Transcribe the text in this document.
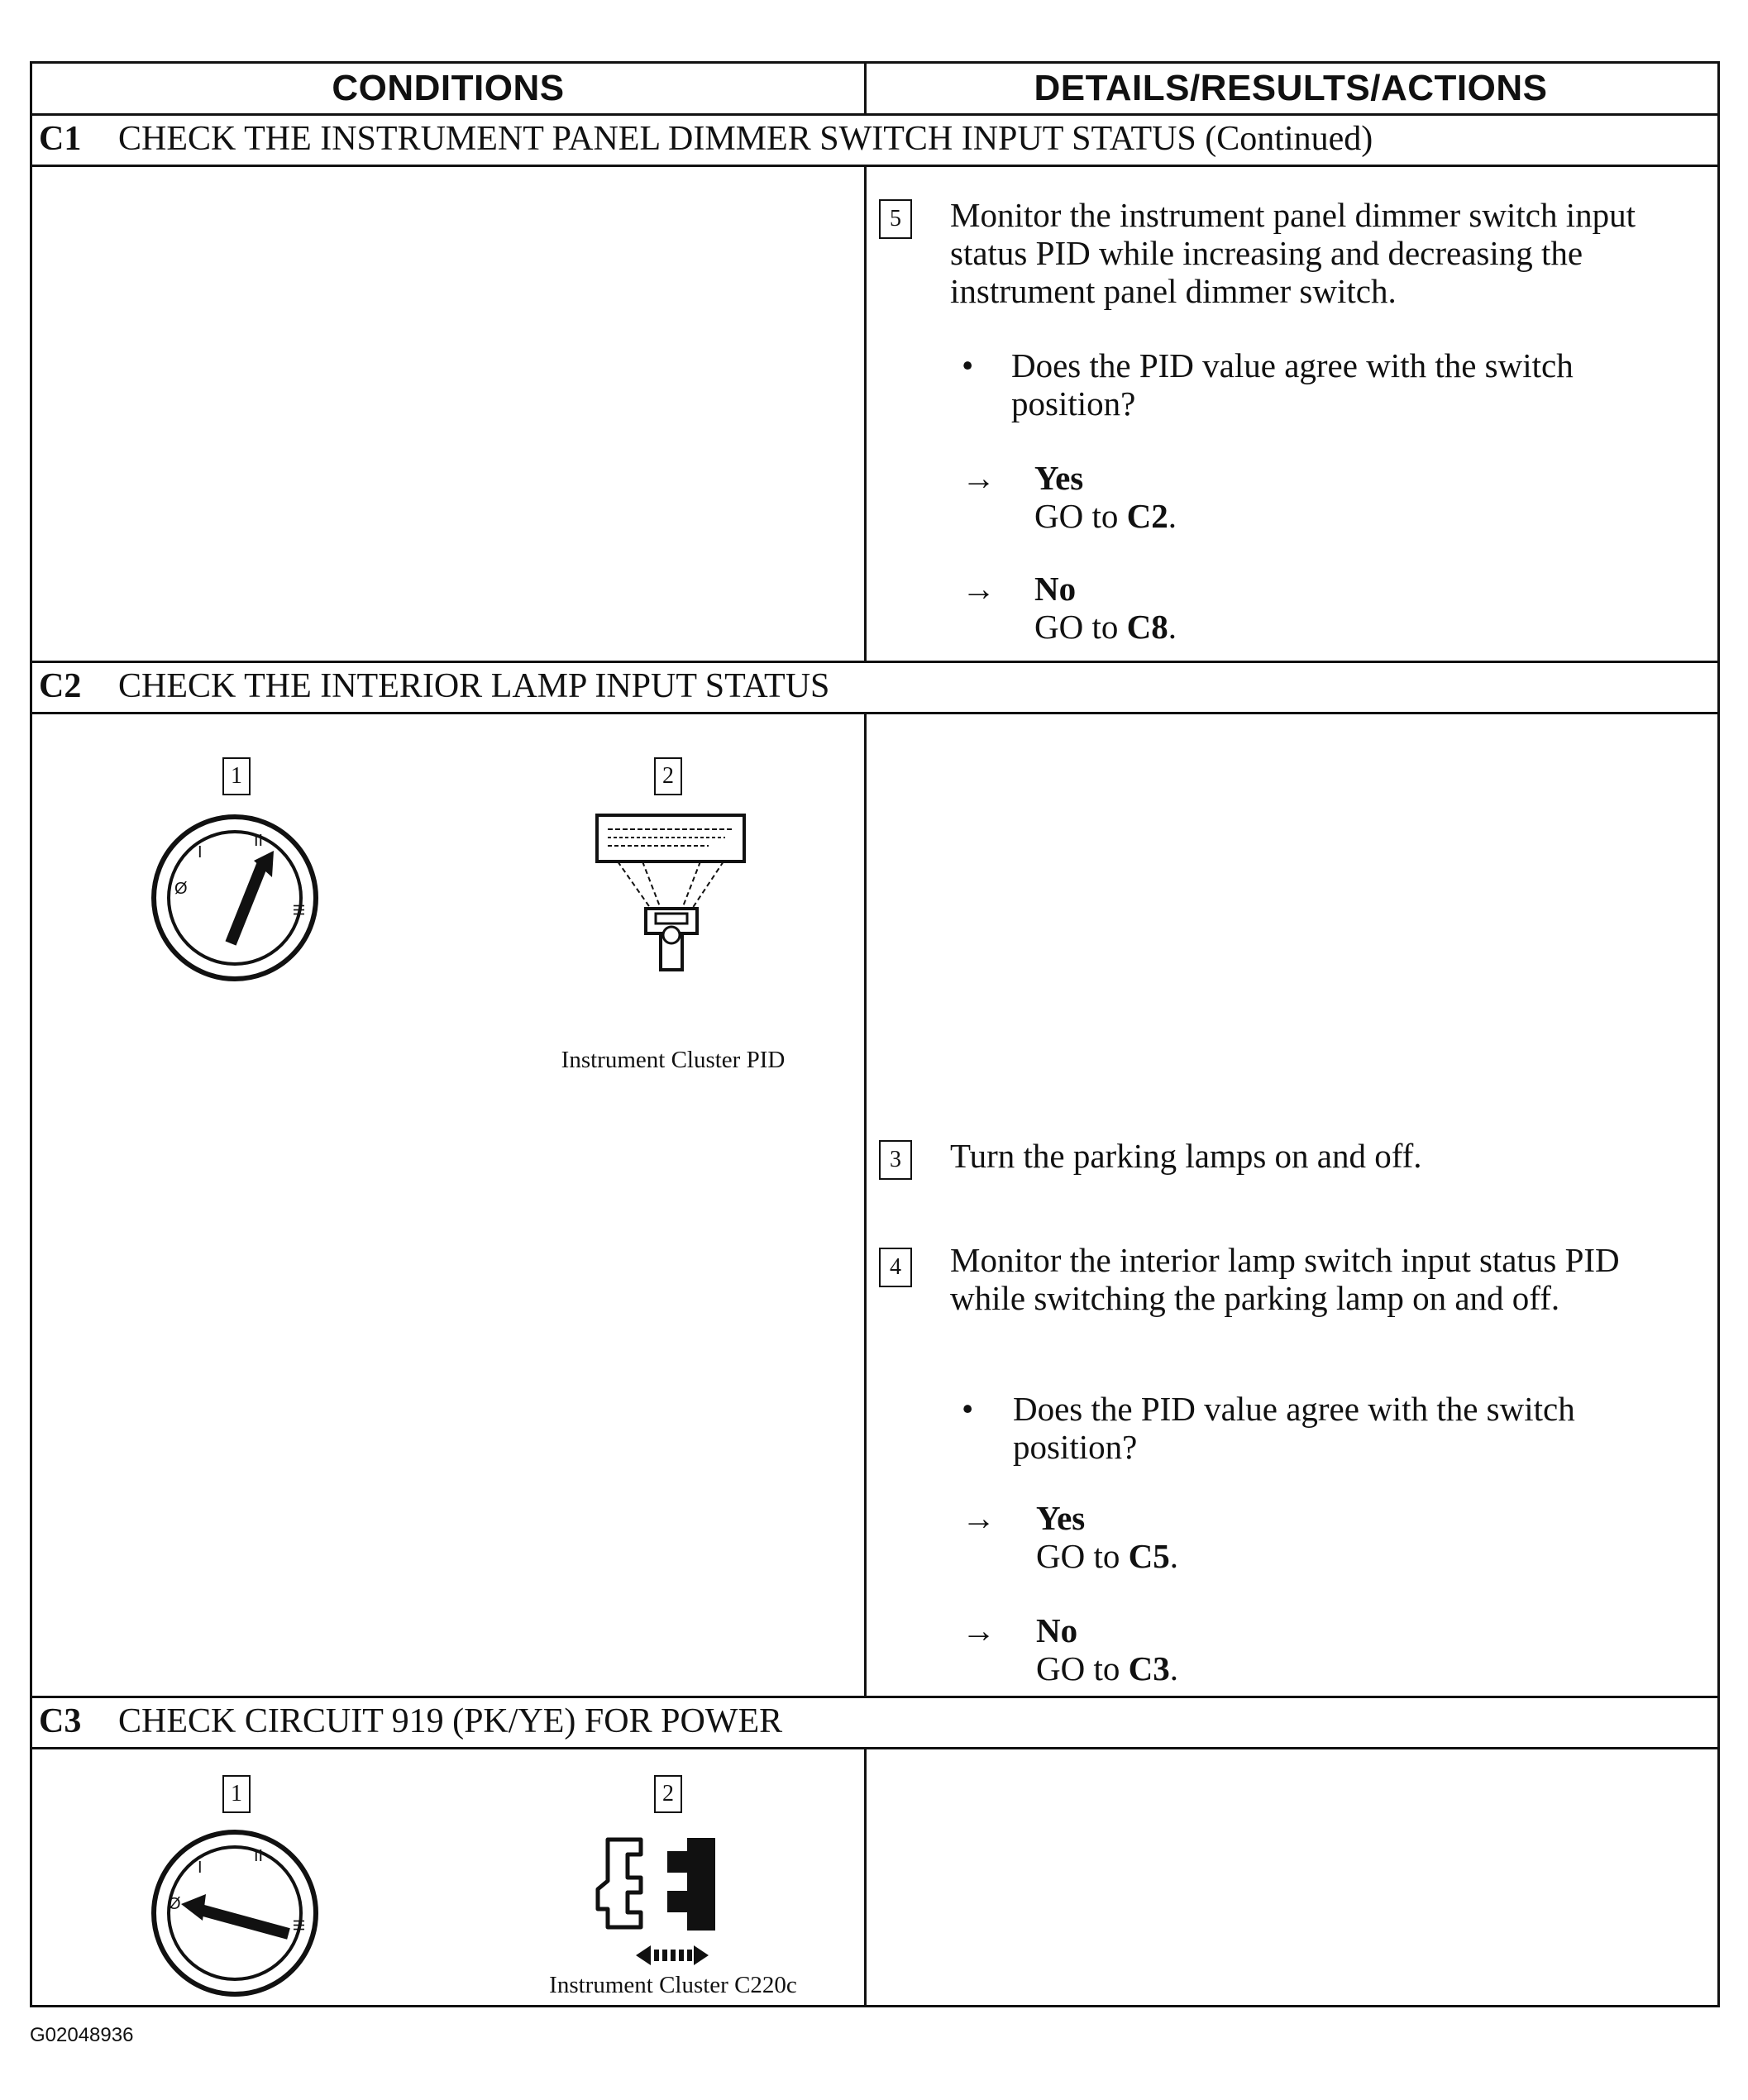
CONDITIONS	DETAILS/RESULTS/ACTIONS
C1	CHECK THE INSTRUMENT PANEL DIMMER SWITCH INPUT STATUS (Continued)
5	Monitor the instrument panel dimmer switch input status PID while increasing and decreasing the instrument panel dimmer switch.
• Does the PID value agree with the switch position?
→ Yes
GO to C2.
→ No
GO to C8.
C2	CHECK THE INTERIOR LAMP INPUT STATUS
1
Ø
I
II
III
2
Instrument Cluster PID
3	Turn the parking lamps on and off.
4	Monitor the interior lamp switch input status PID while switching the parking lamp on and off.
• Does the PID value agree with the switch position?
→ Yes
GO to C5.
→ No
GO to C3.
C3	CHECK CIRCUIT 919 (PK/YE) FOR POWER
1
Ø
I
II
III
2
Instrument Cluster C220c
G02048936
